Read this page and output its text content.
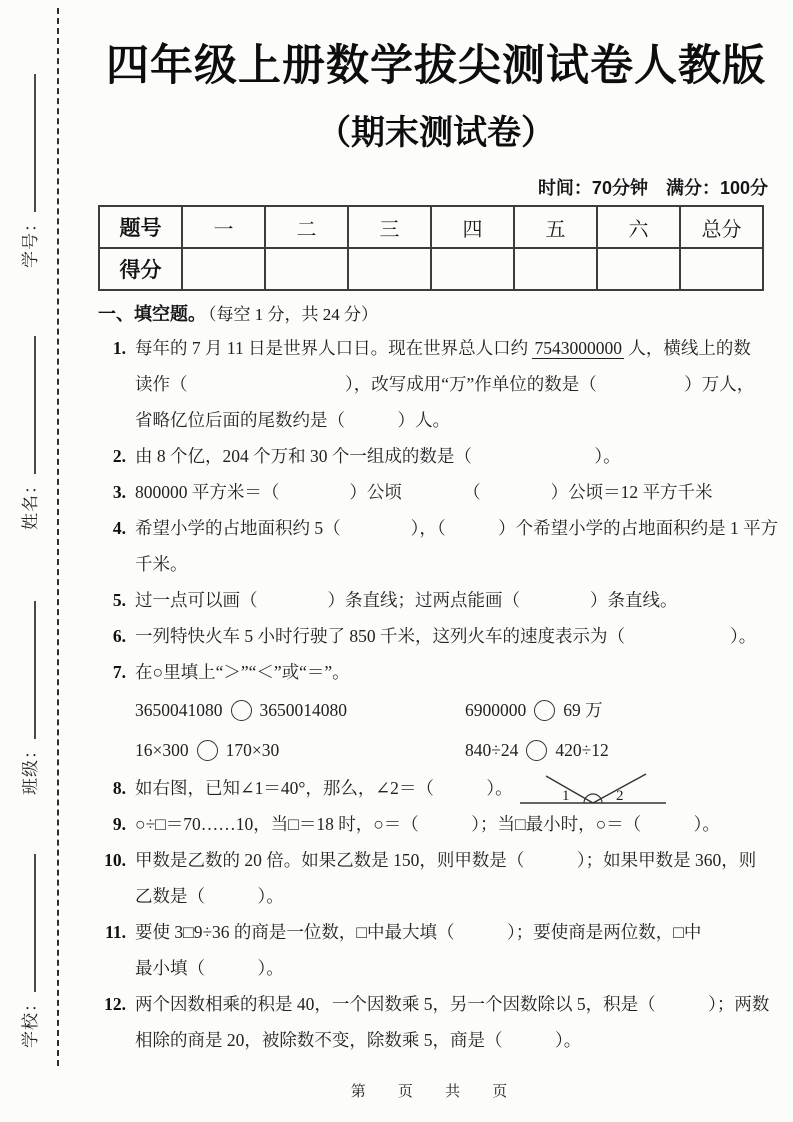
学号：
姓名：
班级：
学校：
四年级上册数学拔尖测试卷人教版
（期末测试卷）
时间：70分钟　满分：100分
题号	一	二	三	四	五	六	总分
得分							
一、填空题。 （每空 1 分，共 24 分）
1. 每年的 7 月 11 日是世界人口日。现在世界总人口约 7543000000 人，横线上的数
读作（　　　　　　　　　），改写成用“万”作单位的数是（　　　　　）万人，
省略亿位后面的尾数约是（　　　）人。
2. 由 8 个亿，204 个万和 30 个一组成的数是（　　　　　　　）。
3. 800000 平方米＝（　　　　）公顷　　　　（　　　　）公顷＝12 平方千米
4. 希望小学的占地面积约 5（　　　　），（　　　）个希望小学的占地面积约是 1 平方
千米。
5. 过一点可以画（　　　　）条直线；过两点能画（　　　　）条直线。
6. 一列特快火车 5 小时行驶了 850 千米，这列火车的速度表示为（　　　　　　）。
7. 在○里填上“＞”“＜”或“＝”。
3650041080 3650014080	6900000 69 万
16×300 170×30	840÷24 420÷12
8. 如右图，已知∠1＝40°，那么，∠2＝（　　　）。	1	2
9. ○÷□＝70……10，当□＝18 时，○＝（　　　）；当□最小时，○＝（　　　）。
10. 甲数是乙数的 20 倍。如果乙数是 150，则甲数是（　　　）；如果甲数是 360，则
乙数是（　　　）。
11. 要使 3□9÷36 的商是一位数，□中最大填（　　　）；要使商是两位数，□中
最小填（　　　）。
12. 两个因数相乘的积是 40，一个因数乘 5，另一个因数除以 5，积是（　　　）；两数
相除的商是 20，被除数不变，除数乘 5，商是（　　　）。
第 页 共 页
